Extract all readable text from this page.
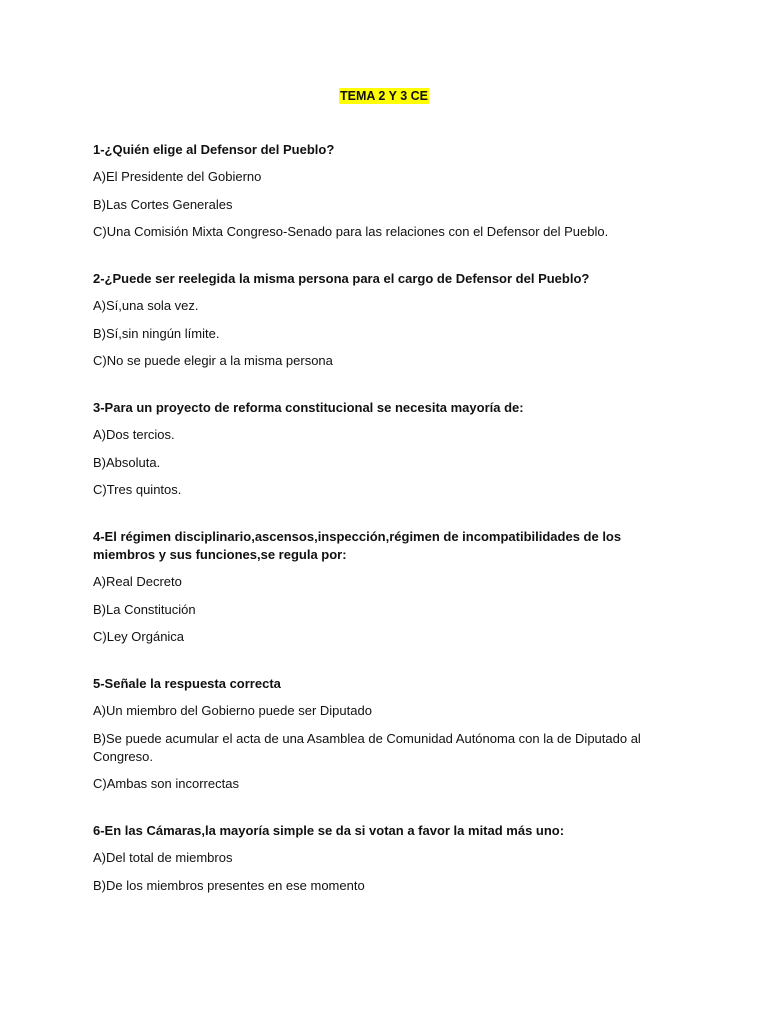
TEMA 2 Y 3 CE

1-¿Quién elige al Defensor del Pueblo?

A)El Presidente del Gobierno

B)Las Cortes Generales

C)Una Comisión Mixta Congreso-Senado para las relaciones con el Defensor del Pueblo.

2-¿Puede ser reelegida la misma persona para el cargo de Defensor del Pueblo?

A)Sí,una sola vez.

B)Sí,sin ningún límite.

C)No se puede elegir a la misma persona

3-Para un proyecto de reforma constitucional se necesita mayoría de:

A)Dos tercios.

B)Absoluta.

C)Tres quintos.

4-El régimen disciplinario,ascensos,inspección,régimen de incompatibilidades de los miembros y sus funciones,se regula por:

A)Real Decreto

B)La Constitución

C)Ley Orgánica

5-Señale la respuesta correcta

A)Un miembro del Gobierno puede ser Diputado

B)Se puede acumular el acta de una Asamblea de Comunidad Autónoma con la de Diputado al Congreso.

C)Ambas son incorrectas

6-En las Cámaras,la mayoría simple se da si votan a favor la mitad más uno:

A)Del total de miembros

B)De los miembros presentes en ese momento
